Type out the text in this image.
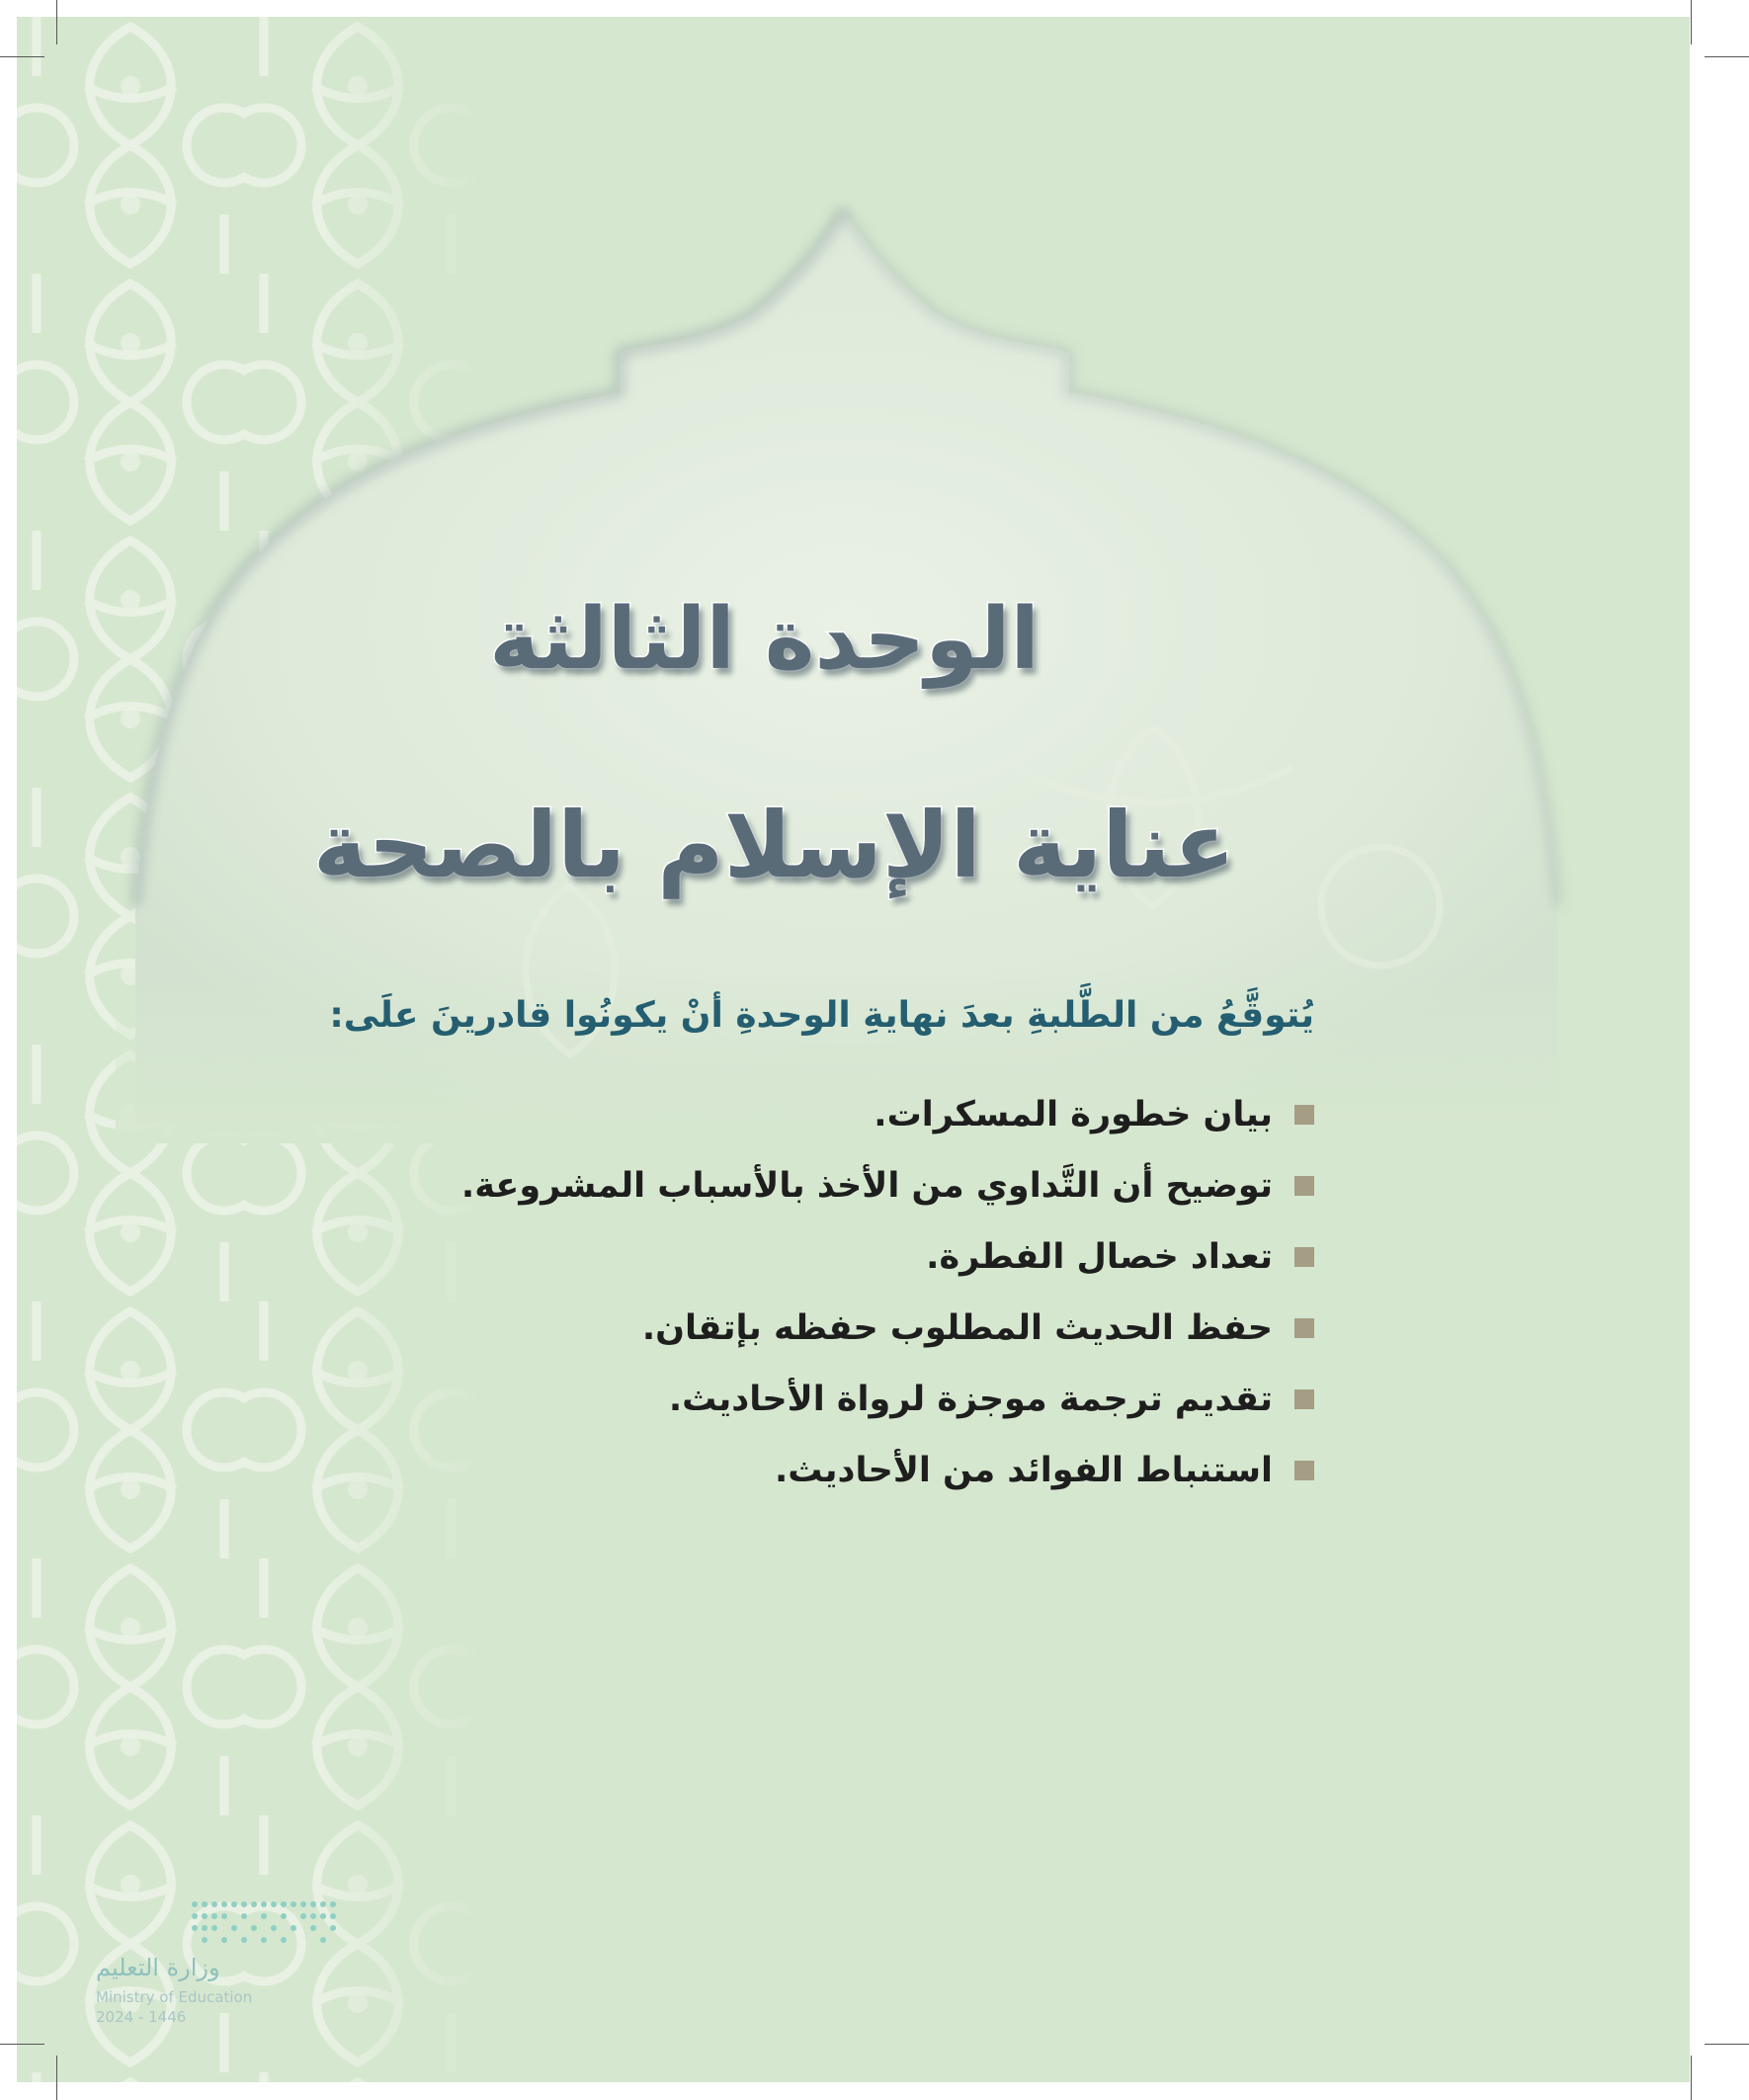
الوحدة الثالثة
عناية الإسلام بالصحة
يُتوقَّعُ من الطَّلبةِ بعدَ نهايةِ الوحدةِ أنْ يكونُوا قادرينَ علَى:
بيان خطورة المسكرات.
توضيح أن التَّداوي من الأخذ بالأسباب المشروعة.
تعداد خصال الفطرة.
حفظ الحديث المطلوب حفظه بإتقان.
تقديم ترجمة موجزة لرواة الأحاديث.
استنباط الفوائد من الأحاديث.
وزارة التعليم
Ministry of Education
2024 - 1446
